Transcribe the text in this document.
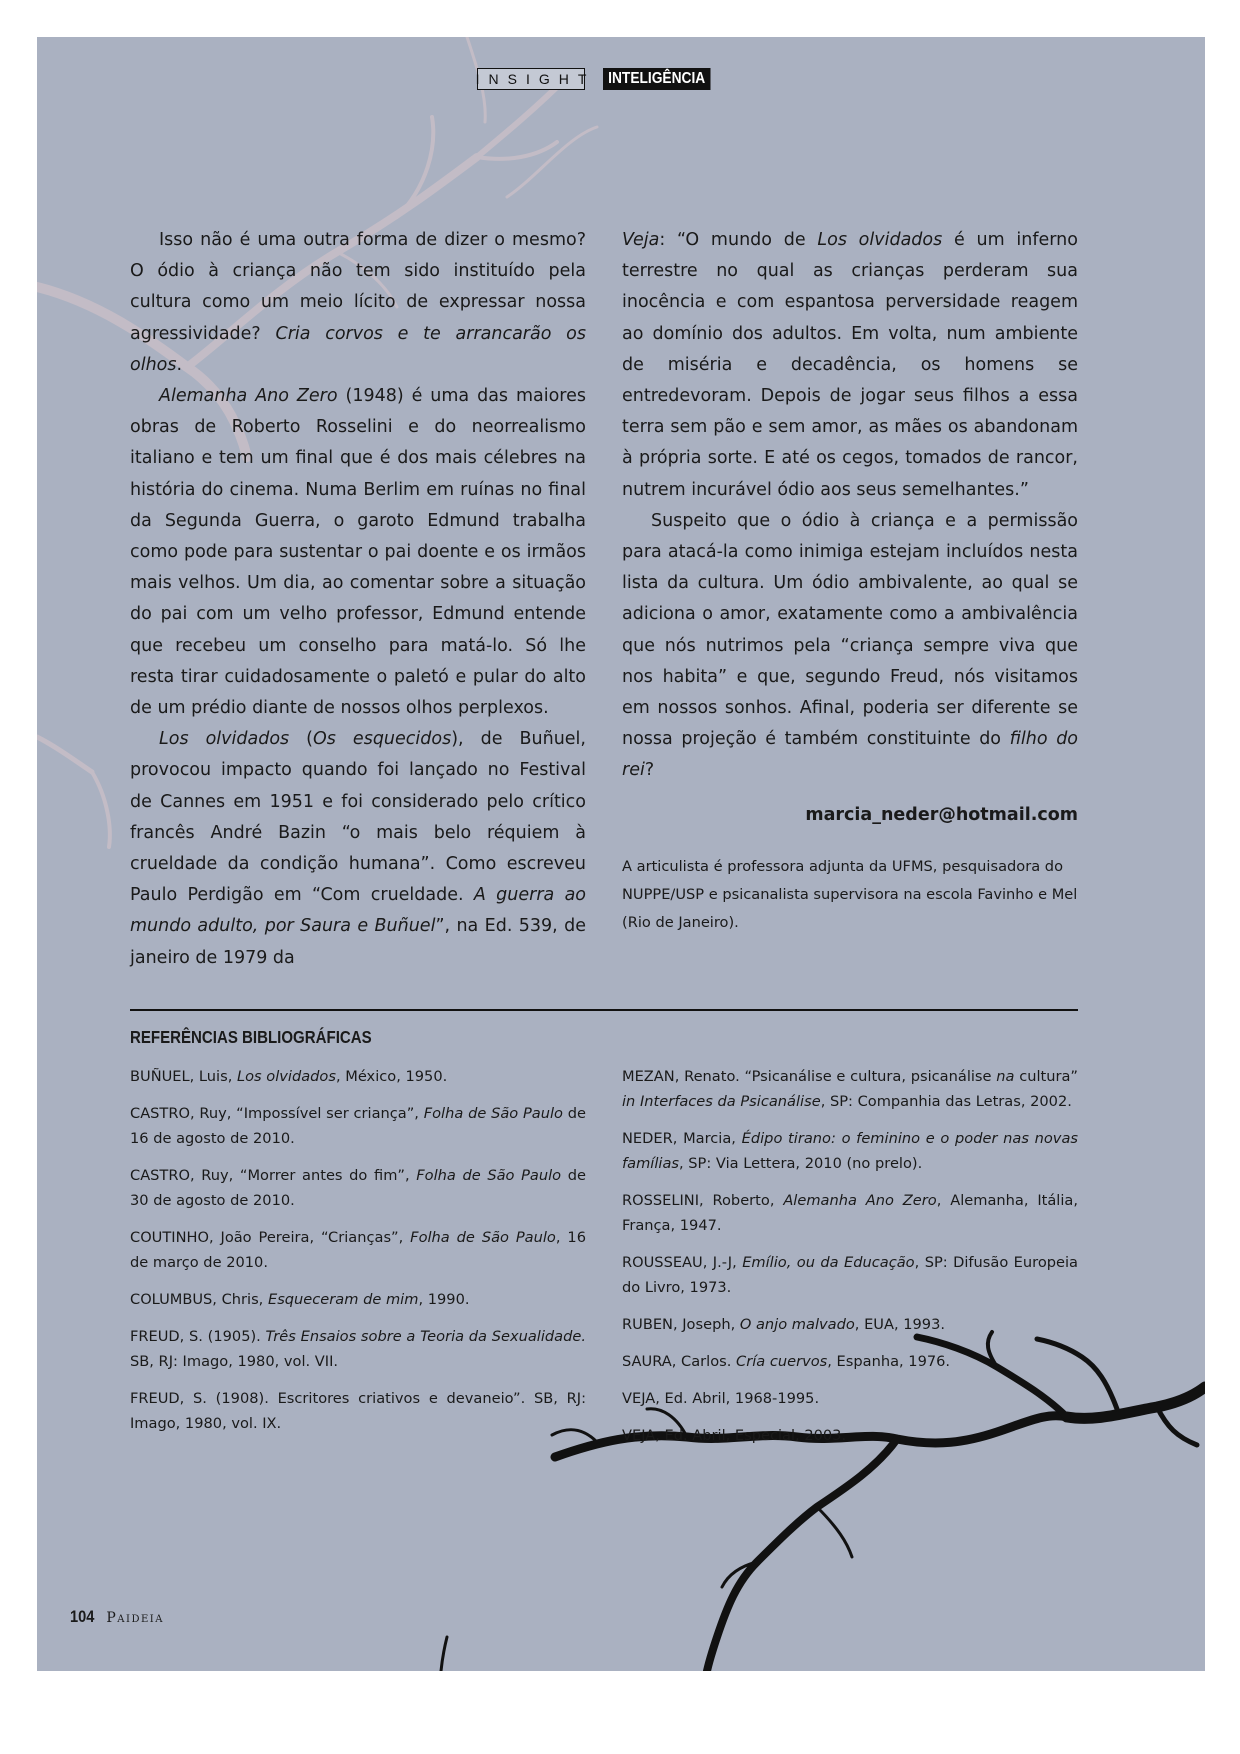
INSIGHT INTELIGÊNCIA

Isso não é uma outra forma de dizer o mesmo? O ódio à criança não tem sido instituído pela cultura como um meio lícito de expressar nossa agressividade? Cria corvos e te arrancarão os olhos.

Alemanha Ano Zero (1948) é uma das maiores obras de Roberto Rosselini e do neorrealismo italiano e tem um final que é dos mais célebres na história do cinema. Numa Berlim em ruínas no final da Segunda Guerra, o garoto Edmund trabalha como pode para sustentar o pai doente e os irmãos mais velhos. Um dia, ao comentar sobre a situação do pai com um velho professor, Edmund entende que recebeu um conselho para matá-lo. Só lhe resta tirar cuidadosamente o paletó e pular do alto de um prédio diante de nossos olhos perplexos.

Los olvidados (Os esquecidos), de Buñuel, provocou impacto quando foi lançado no Festival de Cannes em 1951 e foi considerado pelo crítico francês André Bazin “o mais belo réquiem à crueldade da condição humana”. Como escreveu Paulo Perdigão em “Com crueldade. A guerra ao mundo adulto, por Saura e Buñuel”, na Ed. 539, de janeiro de 1979 da

Veja: “O mundo de Los olvidados é um inferno terrestre no qual as crianças perderam sua inocência e com espantosa perversidade reagem ao domínio dos adultos. Em volta, num ambiente de miséria e decadência, os homens se entredevoram. Depois de jogar seus filhos a essa terra sem pão e sem amor, as mães os abandonam à própria sorte. E até os cegos, tomados de rancor, nutrem incurável ódio aos seus semelhantes.”

Suspeito que o ódio à criança e a permissão para atacá-la como inimiga estejam incluídos nesta lista da cultura. Um ódio ambivalente, ao qual se adiciona o amor, exatamente como a ambivalência que nós nutrimos pela “criança sempre viva que nos habita” e que, segundo Freud, nós visitamos em nossos sonhos. Afinal, poderia ser diferente se nossa projeção é também constituinte do filho do rei?

marcia_neder@hotmail.com
A articulista é professora adjunta da UFMS, pesquisadora do NUPPE/USP e psicanalista supervisora na escola Favinho e Mel (Rio de Janeiro).
REFERÊNCIAS BIBLIOGRÁFICAS
BUÑUEL, Luis, Los olvidados, México, 1950.
CASTRO, Ruy, “Impossível ser criança”, Folha de São Paulo de 16 de agosto de 2010.
CASTRO, Ruy, “Morrer antes do fim”, Folha de São Paulo de 30 de agosto de 2010.
COUTINHO, João Pereira, “Crianças”, Folha de São Paulo, 16 de março de 2010.
COLUMBUS, Chris, Esqueceram de mim, 1990.
FREUD, S. (1905). Três Ensaios sobre a Teoria da Sexualidade. SB, RJ: Imago, 1980, vol. VII.
FREUD, S. (1908). Escritores criativos e devaneio”. SB, RJ: Imago, 1980, vol. IX.
MEZAN, Renato. “Psicanálise e cultura, psicanálise na cultura” in Interfaces da Psicanálise, SP: Companhia das Letras, 2002.
NEDER, Marcia, Édipo tirano: o feminino e o poder nas novas famílias, SP: Via Lettera, 2010 (no prelo).
ROSSELINI, Roberto, Alemanha Ano Zero, Alemanha, Itália, França, 1947.
ROUSSEAU, J.-J, Emílio, ou da Educação, SP: Difusão Europeia do Livro, 1973.
RUBEN, Joseph, O anjo malvado, EUA, 1993.
SAURA, Carlos. Cría cuervos, Espanha, 1976.
VEJA, Ed. Abril, 1968-1995.
VEJA, Ed. Abril, Especial, 2003.
104 Paideia
